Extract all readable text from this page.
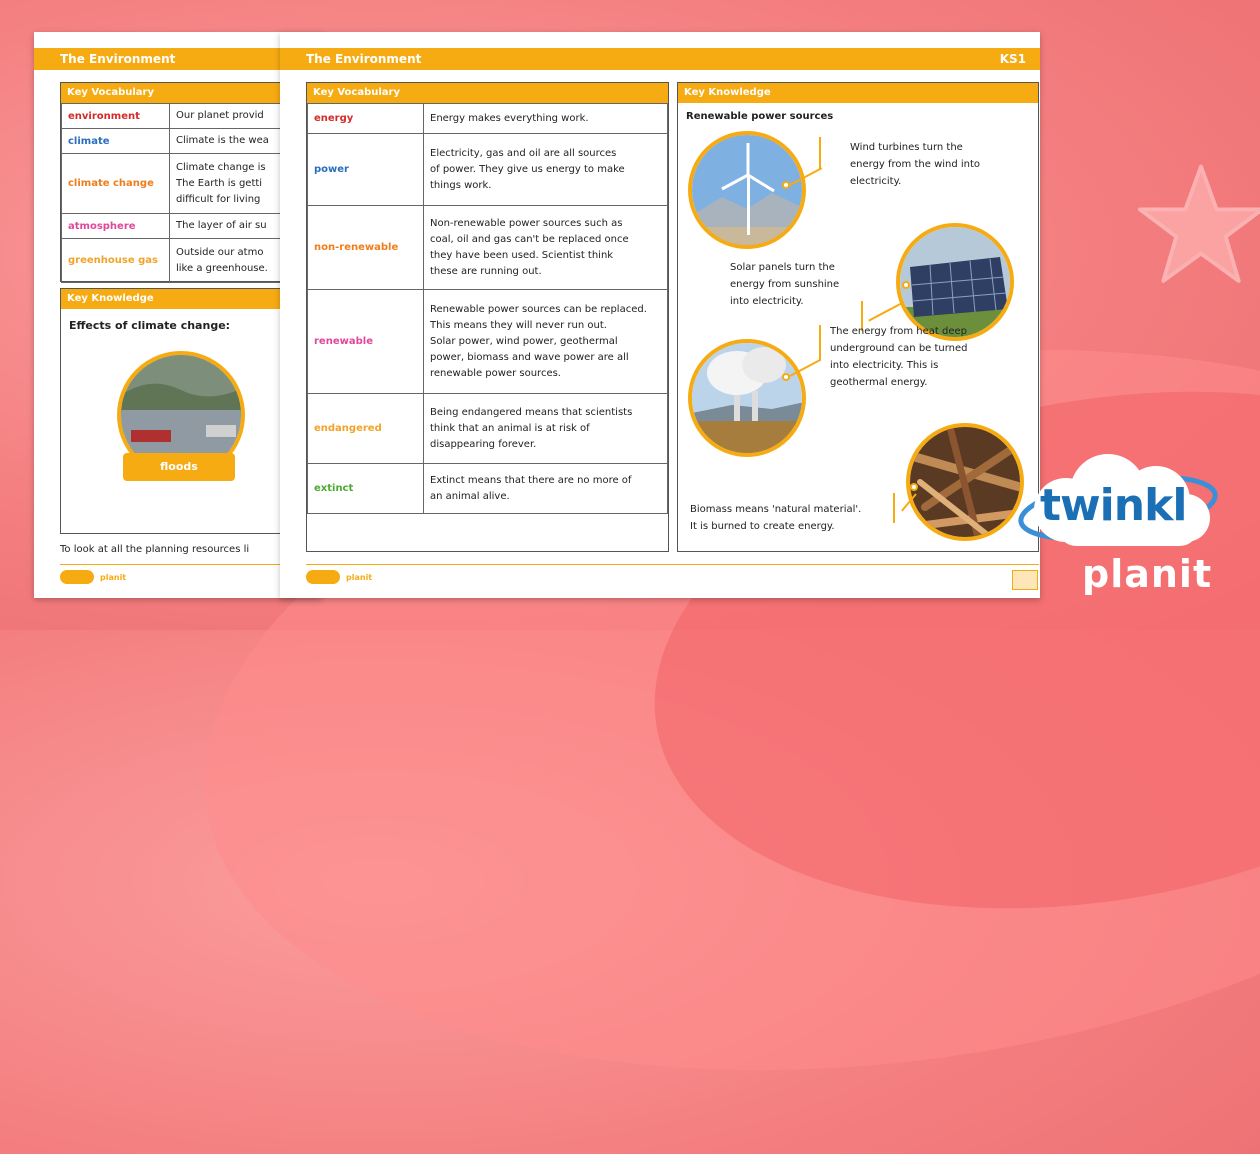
The Environment
Key Vocabulary
environment	Our planet provid
climate	Climate is the wea
climate change	Climate change is
The Earth is getti
difficult for living

atmosphere	The layer of air su
greenhouse gas	Outside our atmo
like a greenhouse.
Key Knowledge
Effects of climate change:
floods
To look at all the planning resources li
planit
The Environment	KS1
Key Vocabulary
energy	Energy makes everything work.

power	Electricity, gas and oil are all sources
of power. They give us energy to make
things work.

non-renewable	Non-renewable power sources such as
coal, oil and gas can't be replaced once
they have been used. Scientist think
these are running out.

renewable	Renewable power sources can be replaced.
This means they will never run out.
Solar power, wind power, geothermal
power, biomass and wave power are all
renewable power sources.

endangered	Being endangered means that scientists
think that an animal is at risk of
disappearing forever.

extinct	Extinct means that there are no more of
an animal alive.
Key Knowledge
Renewable power sources
Wind turbines turn the
energy from the wind into
electricity.
Solar panels turn the
energy from sunshine
into electricity.
The energy from heat deep
underground can be turned
into electricity. This is
geothermal energy.
Biomass means 'natural material'.
It is burned to create energy.
planit
twinkl
planit
